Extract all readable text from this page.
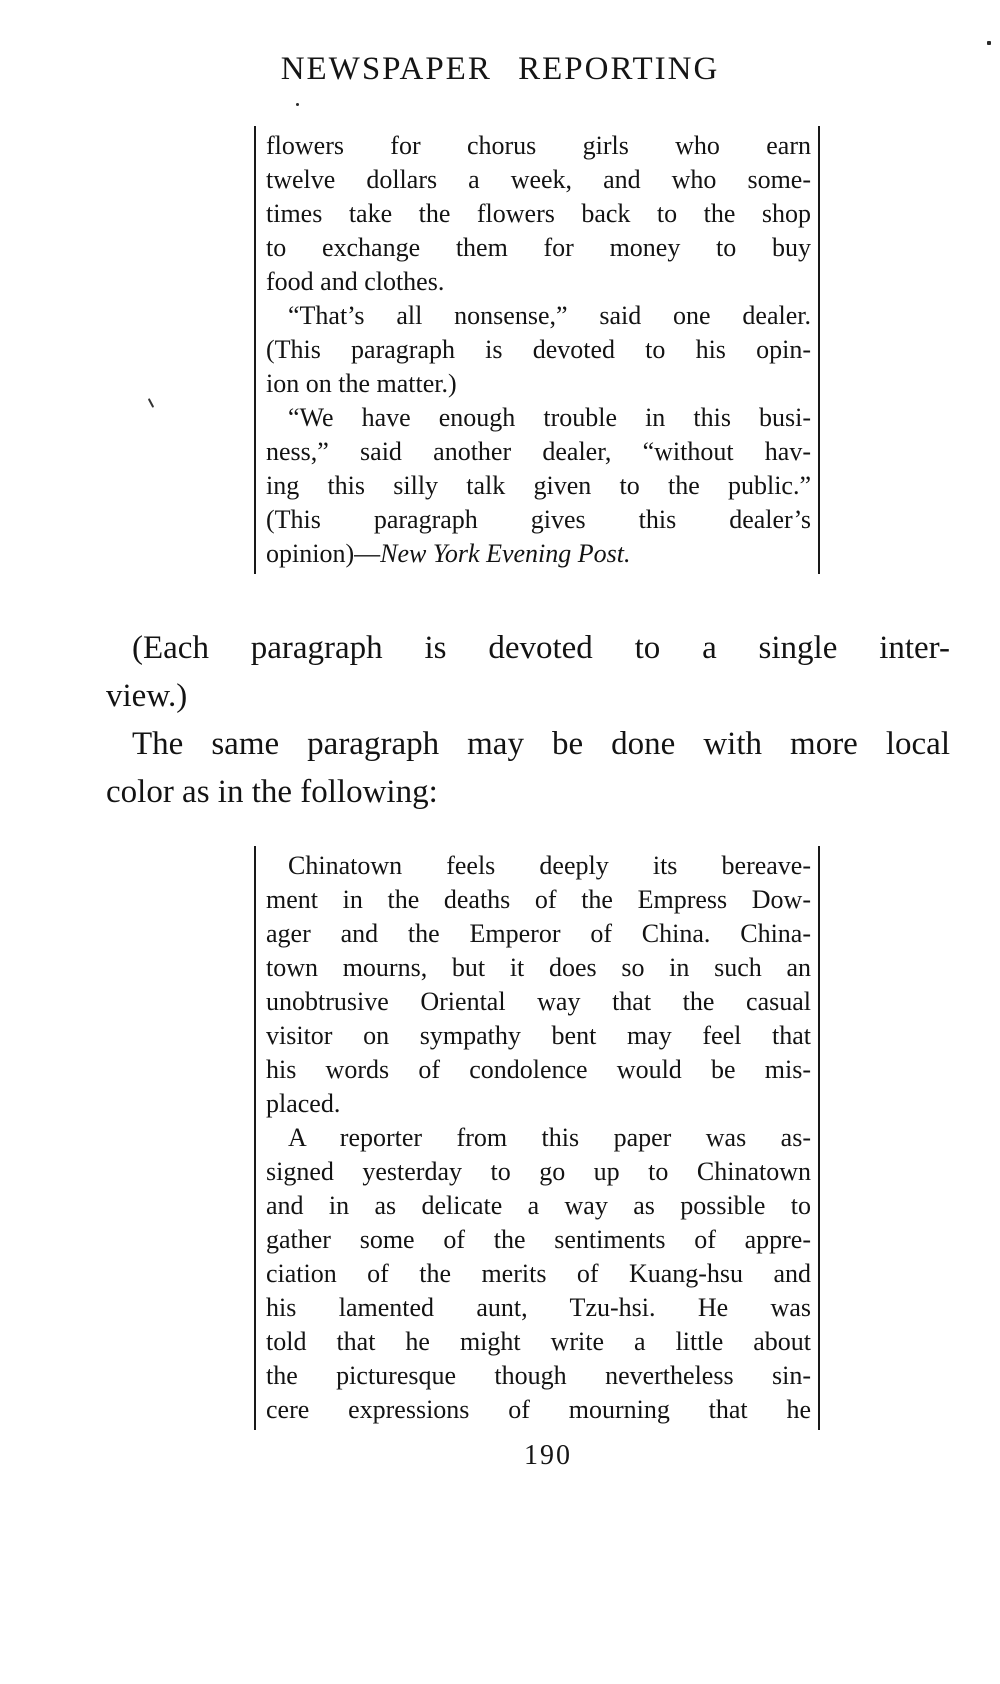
NEWSPAPER REPORTING
flowers for chorus girls who earn
twelve dollars a week, and who some-
times take the flowers back to the shop
to exchange them for money to buy
food and clothes.
“That’s all nonsense,” said one dealer.
(This paragraph is devoted to his opin-
ion on the matter.)
“We have enough trouble in this busi-
ness,” said another dealer, “without hav-
ing this silly talk given to the public.”
(This paragraph gives this dealer’s
opinion)—New York Evening Post.
(Each paragraph is devoted to a single inter-
view.)
The same paragraph may be done with more local
color as in the following:
Chinatown feels deeply its bereave-
ment in the deaths of the Empress Dow-
ager and the Emperor of China. China-
town mourns, but it does so in such an
unobtrusive Oriental way that the casual
visitor on sympathy bent may feel that
his words of condolence would be mis-
placed.
A reporter from this paper was as-
signed yesterday to go up to Chinatown
and in as delicate a way as possible to
gather some of the sentiments of appre-
ciation of the merits of Kuang-hsu and
his lamented aunt, Tzu-hsi. He was
told that he might write a little about
the picturesque though nevertheless sin-
cere expressions of mourning that he
190
